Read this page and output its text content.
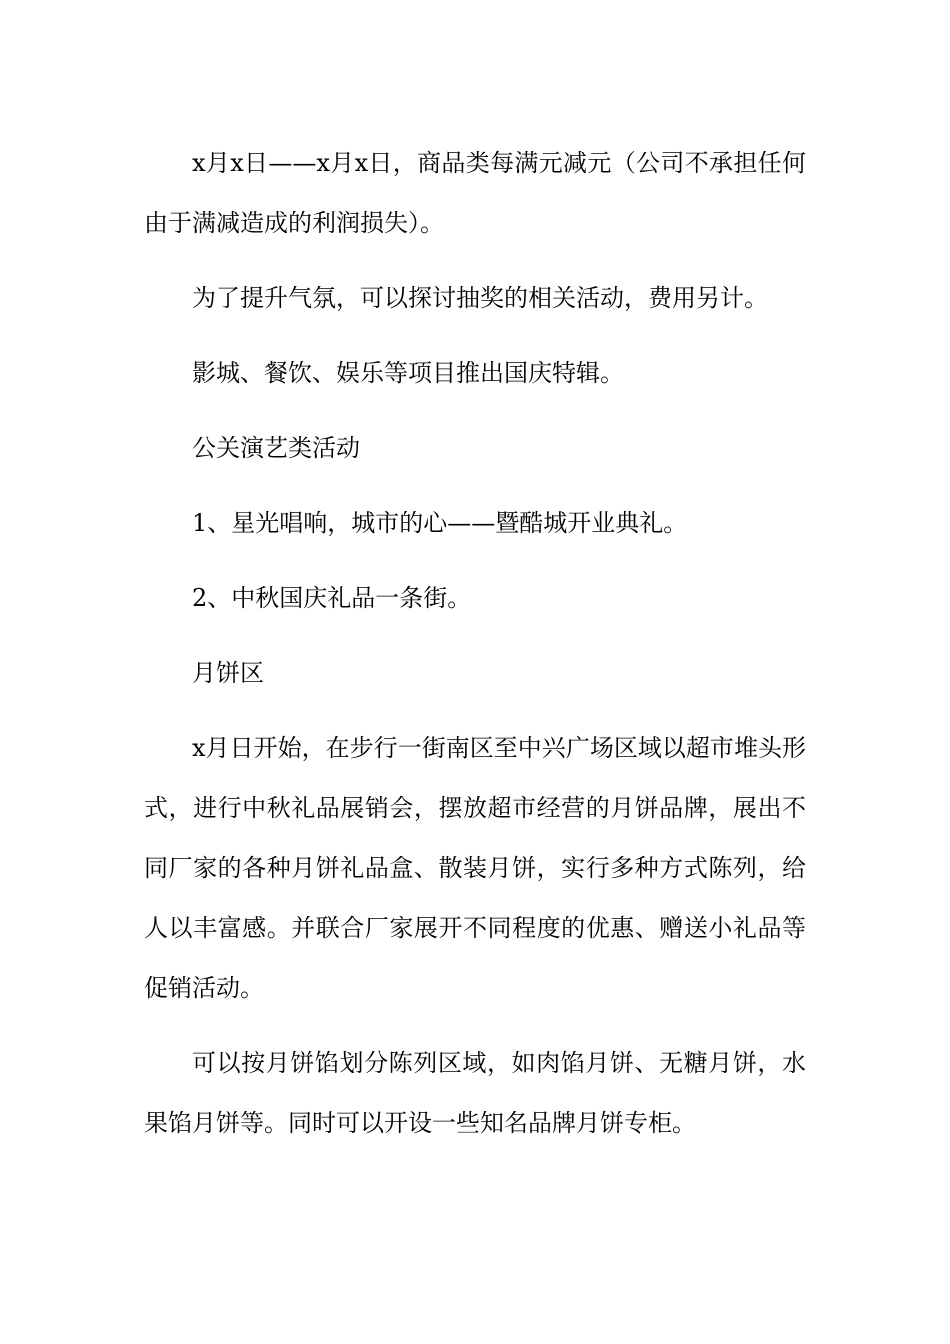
x月x日——x月x日，商品类每满元减元（公司不承担任何由于满减造成的利润损失）。

为了提升气氛，可以探讨抽奖的相关活动，费用另计。

影城、餐饮、娱乐等项目推出国庆特辑。

公关演艺类活动

1、星光唱响，城市的心——暨酷城开业典礼。

2、中秋国庆礼品一条街。

月饼区

x月日开始，在步行一街南区至中兴广场区域以超市堆头形式，进行中秋礼品展销会，摆放超市经营的月饼品牌，展出不同厂家的各种月饼礼品盒、散装月饼，实行多种方式陈列，给人以丰富感。并联合厂家展开不同程度的优惠、赠送小礼品等促销活动。

可以按月饼馅划分陈列区域，如肉馅月饼、无糖月饼，水果馅月饼等。同时可以开设一些知名品牌月饼专柜。
